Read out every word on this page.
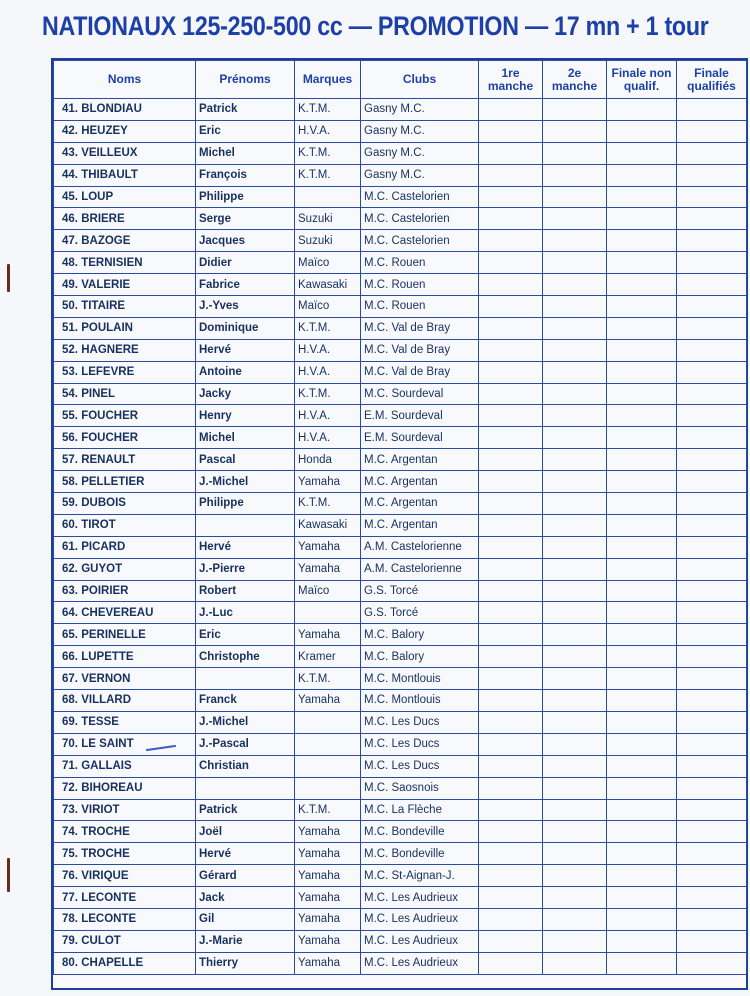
NATIONAUX 125-250-500 cc — PROMOTION — 17 mn + 1 tour
Noms	Prénoms	Marques	Clubs	1re manche	2e manche	Finale non qualif.	Finale qualifiés
41. BLONDIAU	Patrick	K.T.M.	Gasny M.C.				
42. HEUZEY	Eric	H.V.A.	Gasny M.C.				
43. VEILLEUX	Michel	K.T.M.	Gasny M.C.				
44. THIBAULT	François	K.T.M.	Gasny M.C.				
45. LOUP	Philippe		M.C. Castelorien				
46. BRIERE	Serge	Suzuki	M.C. Castelorien				
47. BAZOGE	Jacques	Suzuki	M.C. Castelorien				
48. TERNISIEN	Didier	Maïco	M.C. Rouen				
49. VALERIE	Fabrice	Kawasaki	M.C. Rouen				
50. TITAIRE	J.-Yves	Maïco	M.C. Rouen				
51. POULAIN	Dominique	K.T.M.	M.C. Val de Bray				
52. HAGNERE	Hervé	H.V.A.	M.C. Val de Bray				
53. LEFEVRE	Antoine	H.V.A.	M.C. Val de Bray				
54. PINEL	Jacky	K.T.M.	M.C. Sourdeval				
55. FOUCHER	Henry	H.V.A.	E.M. Sourdeval				
56. FOUCHER	Michel	H.V.A.	E.M. Sourdeval				
57. RENAULT	Pascal	Honda	M.C. Argentan				
58. PELLETIER	J.-Michel	Yamaha	M.C. Argentan				
59. DUBOIS	Philippe	K.T.M.	M.C. Argentan				
60. TIROT		Kawasaki	M.C. Argentan				
61. PICARD	Hervé	Yamaha	A.M. Castelorienne				
62. GUYOT	J.-Pierre	Yamaha	A.M. Castelorienne				
63. POIRIER	Robert	Maïco	G.S. Torcé				
64. CHEVEREAU	J.-Luc		G.S. Torcé				
65. PERINELLE	Eric	Yamaha	M.C. Balory				
66. LUPETTE	Christophe	Kramer	M.C. Balory				
67. VERNON		K.T.M.	M.C. Montlouis				
68. VILLARD	Franck	Yamaha	M.C. Montlouis				
69. TESSE	J.-Michel		M.C. Les Ducs				
70. LE SAINT	J.-Pascal		M.C. Les Ducs				
71. GALLAIS	Christian		M.C. Les Ducs				
72. BIHOREAU			M.C. Saosnois				
73. VIRIOT	Patrick	K.T.M.	M.C. La Flèche				
74. TROCHE	Joël	Yamaha	M.C. Bondeville				
75. TROCHE	Hervé	Yamaha	M.C. Bondeville				
76. VIRIQUE	Gérard	Yamaha	M.C. St-Aignan-J.				
77. LECONTE	Jack	Yamaha	M.C. Les Audrieux				
78. LECONTE	Gil	Yamaha	M.C. Les Audrieux				
79. CULOT	J.-Marie	Yamaha	M.C. Les Audrieux				
80. CHAPELLE	Thierry	Yamaha	M.C. Les Audrieux				
